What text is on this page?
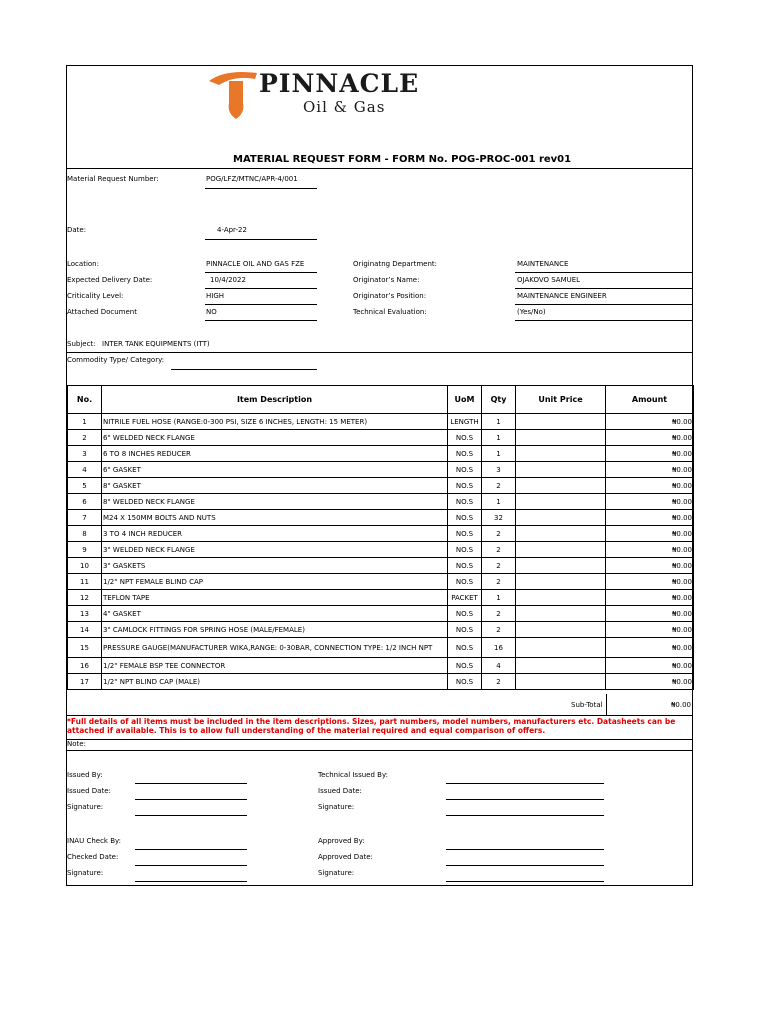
PINNACLE
Oil & Gas
MATERIAL REQUEST FORM - FORM No. POG-PROC-001 rev01
Material Request Number:	POG/LFZ/MTNC/APR-4/001
Date:	4-Apr-22
Location:	PINNACLE OIL AND GAS FZE
Expected Delivery Date:	10/4/2022
Criticality Level:	HIGH
Attached Document	NO
Originatng Department:	MAINTENANCE
Originator’s Name:	OJAKOVO SAMUEL
Originator’s Position:	MAINTENANCE ENGINEER
Technical Evaluation:	(Yes/No)
Subject: INTER TANK EQUIPMENTS (ITT)
Commodity Type/ Category:
No.	Item Description	UoM	Qty	Unit Price	Amount
1	NITRILE FUEL HOSE (RANGE:0-300 PSI, SIZE 6 INCHES, LENGTH: 15 METER)	LENGTH	1		₦0.00
2	6" WELDED NECK FLANGE	NO.S	1		₦0.00
3	6 TO 8 INCHES REDUCER	NO.S	1		₦0.00
4	6" GASKET	NO.S	3		₦0.00
5	8" GASKET	NO.S	2		₦0.00
6	8" WELDED NECK FLANGE	NO.S	1		₦0.00
7	M24 X 150MM BOLTS AND NUTS	NO.S	32		₦0.00
8	3 TO 4 INCH REDUCER	NO.S	2		₦0.00
9	3" WELDED NECK FLANGE	NO.S	2		₦0.00
10	3" GASKETS	NO.S	2		₦0.00
11	1/2" NPT FEMALE BLIND CAP	NO.S	2		₦0.00
12	TEFLON TAPE	PACKET	1		₦0.00
13	4" GASKET	NO.S	2		₦0.00
14	3" CAMLOCK FITTINGS FOR SPRING HOSE (MALE/FEMALE)	NO.S	2		₦0.00
15	PRESSURE GAUGE(MANUFACTURER WIKA,RANGE: 0-30BAR, CONNECTION TYPE: 1/2 INCH NPT	NO.S	16		₦0.00
16	1/2" FEMALE BSP TEE CONNECTOR	NO.S	4		₦0.00
17	1/2" NPT BLIND CAP (MALE)	NO.S	2		₦0.00
Sub-Total	₦0.00
*Full details of all items must be included in the item descriptions. Sizes, part numbers, model numbers, manufacturers etc. Datasheets can be attached if available. This is to allow full understanding of the material required and equal comparison of offers.
Note:
Issued By:
Issued Date:
Signature:
Technical Issued By:
Issued Date:
Signature:
INAU Check By:
Checked Date:
Signature:
Approved By:
Approved Date:
Signature:
